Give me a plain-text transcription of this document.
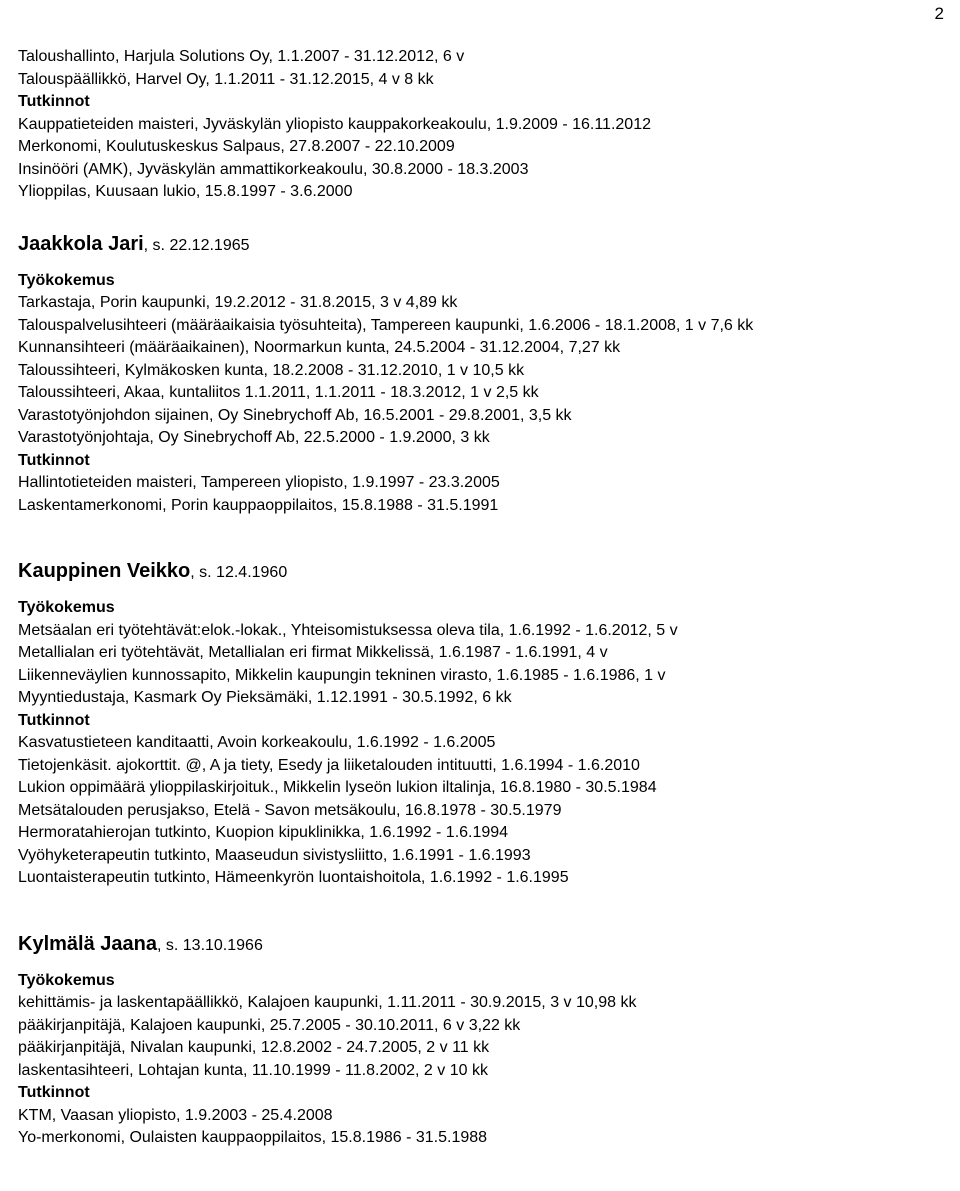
2
Taloushallinto, Harjula Solutions Oy, 1.1.2007 - 31.12.2012, 6 v
Talouspäällikkö, Harvel Oy, 1.1.2011 - 31.12.2015, 4 v 8 kk
Tutkinnot
Kauppatieteiden maisteri, Jyväskylän yliopisto kauppakorkeakoulu, 1.9.2009 - 16.11.2012
Merkonomi, Koulutuskeskus Salpaus, 27.8.2007 - 22.10.2009
Insinööri (AMK), Jyväskylän ammattikorkeakoulu, 30.8.2000 - 18.3.2003
Ylioppilas, Kuusaan lukio, 15.8.1997 - 3.6.2000
Jaakkola Jari, s. 22.12.1965
Työkokemus
Tarkastaja, Porin kaupunki, 19.2.2012 - 31.8.2015, 3 v 4,89 kk
Talouspalvelusihteeri (määräaikaisia työsuhteita), Tampereen kaupunki, 1.6.2006 - 18.1.2008, 1 v 7,6 kk
Kunnansihteeri (määräaikainen), Noormarkun kunta, 24.5.2004 - 31.12.2004, 7,27 kk
Taloussihteeri, Kylmäkosken kunta, 18.2.2008 - 31.12.2010, 1 v 10,5 kk
Taloussihteeri, Akaa, kuntaliitos 1.1.2011, 1.1.2011 - 18.3.2012, 1 v 2,5 kk
Varastotyönjohdon sijainen, Oy Sinebrychoff Ab, 16.5.2001 - 29.8.2001, 3,5 kk
Varastotyönjohtaja, Oy Sinebrychoff Ab, 22.5.2000 - 1.9.2000, 3 kk
Tutkinnot
Hallintotieteiden maisteri, Tampereen yliopisto, 1.9.1997 - 23.3.2005
Laskentamerkonomi, Porin kauppaoppilaitos, 15.8.1988 - 31.5.1991
Kauppinen Veikko, s. 12.4.1960
Työkokemus
Metsäalan eri työtehtävät:elok.-lokak., Yhteisomistuksessa oleva tila, 1.6.1992 - 1.6.2012, 5 v
Metallialan eri työtehtävät, Metallialan eri firmat Mikkelissä, 1.6.1987 - 1.6.1991, 4 v
Liikenneväylien kunnossapito, Mikkelin kaupungin tekninen virasto, 1.6.1985 - 1.6.1986, 1 v
Myyntiedustaja, Kasmark Oy Pieksämäki, 1.12.1991 - 30.5.1992, 6 kk
Tutkinnot
Kasvatustieteen kanditaatti, Avoin korkeakoulu, 1.6.1992 - 1.6.2005
Tietojenkäsit. ajokorttit. @, A ja tiety, Esedy ja liiketalouden intituutti, 1.6.1994 - 1.6.2010
Lukion oppimäärä ylioppilaskirjoituk., Mikkelin lyseön lukion iltalinja, 16.8.1980 - 30.5.1984
Metsätalouden perusjakso, Etelä - Savon metsäkoulu, 16.8.1978 - 30.5.1979
Hermoratahierojan tutkinto, Kuopion kipuklinikka, 1.6.1992 - 1.6.1994
Vyöhyketerapeutin tutkinto, Maaseudun sivistysliitto, 1.6.1991 - 1.6.1993
Luontaisterapeutin tutkinto, Hämeenkyrön luontaishoitola, 1.6.1992 - 1.6.1995
Kylmälä Jaana, s. 13.10.1966
Työkokemus
kehittämis- ja laskentapäällikkö, Kalajoen kaupunki, 1.11.2011 - 30.9.2015, 3 v 10,98 kk
pääkirjanpitäjä, Kalajoen kaupunki, 25.7.2005 - 30.10.2011, 6 v 3,22 kk
pääkirjanpitäjä, Nivalan kaupunki, 12.8.2002 - 24.7.2005, 2 v 11 kk
laskentasihteeri, Lohtajan kunta, 11.10.1999 - 11.8.2002, 2 v 10 kk
Tutkinnot
KTM, Vaasan yliopisto, 1.9.2003 - 25.4.2008
Yo-merkonomi, Oulaisten kauppaoppilaitos, 15.8.1986 - 31.5.1988
